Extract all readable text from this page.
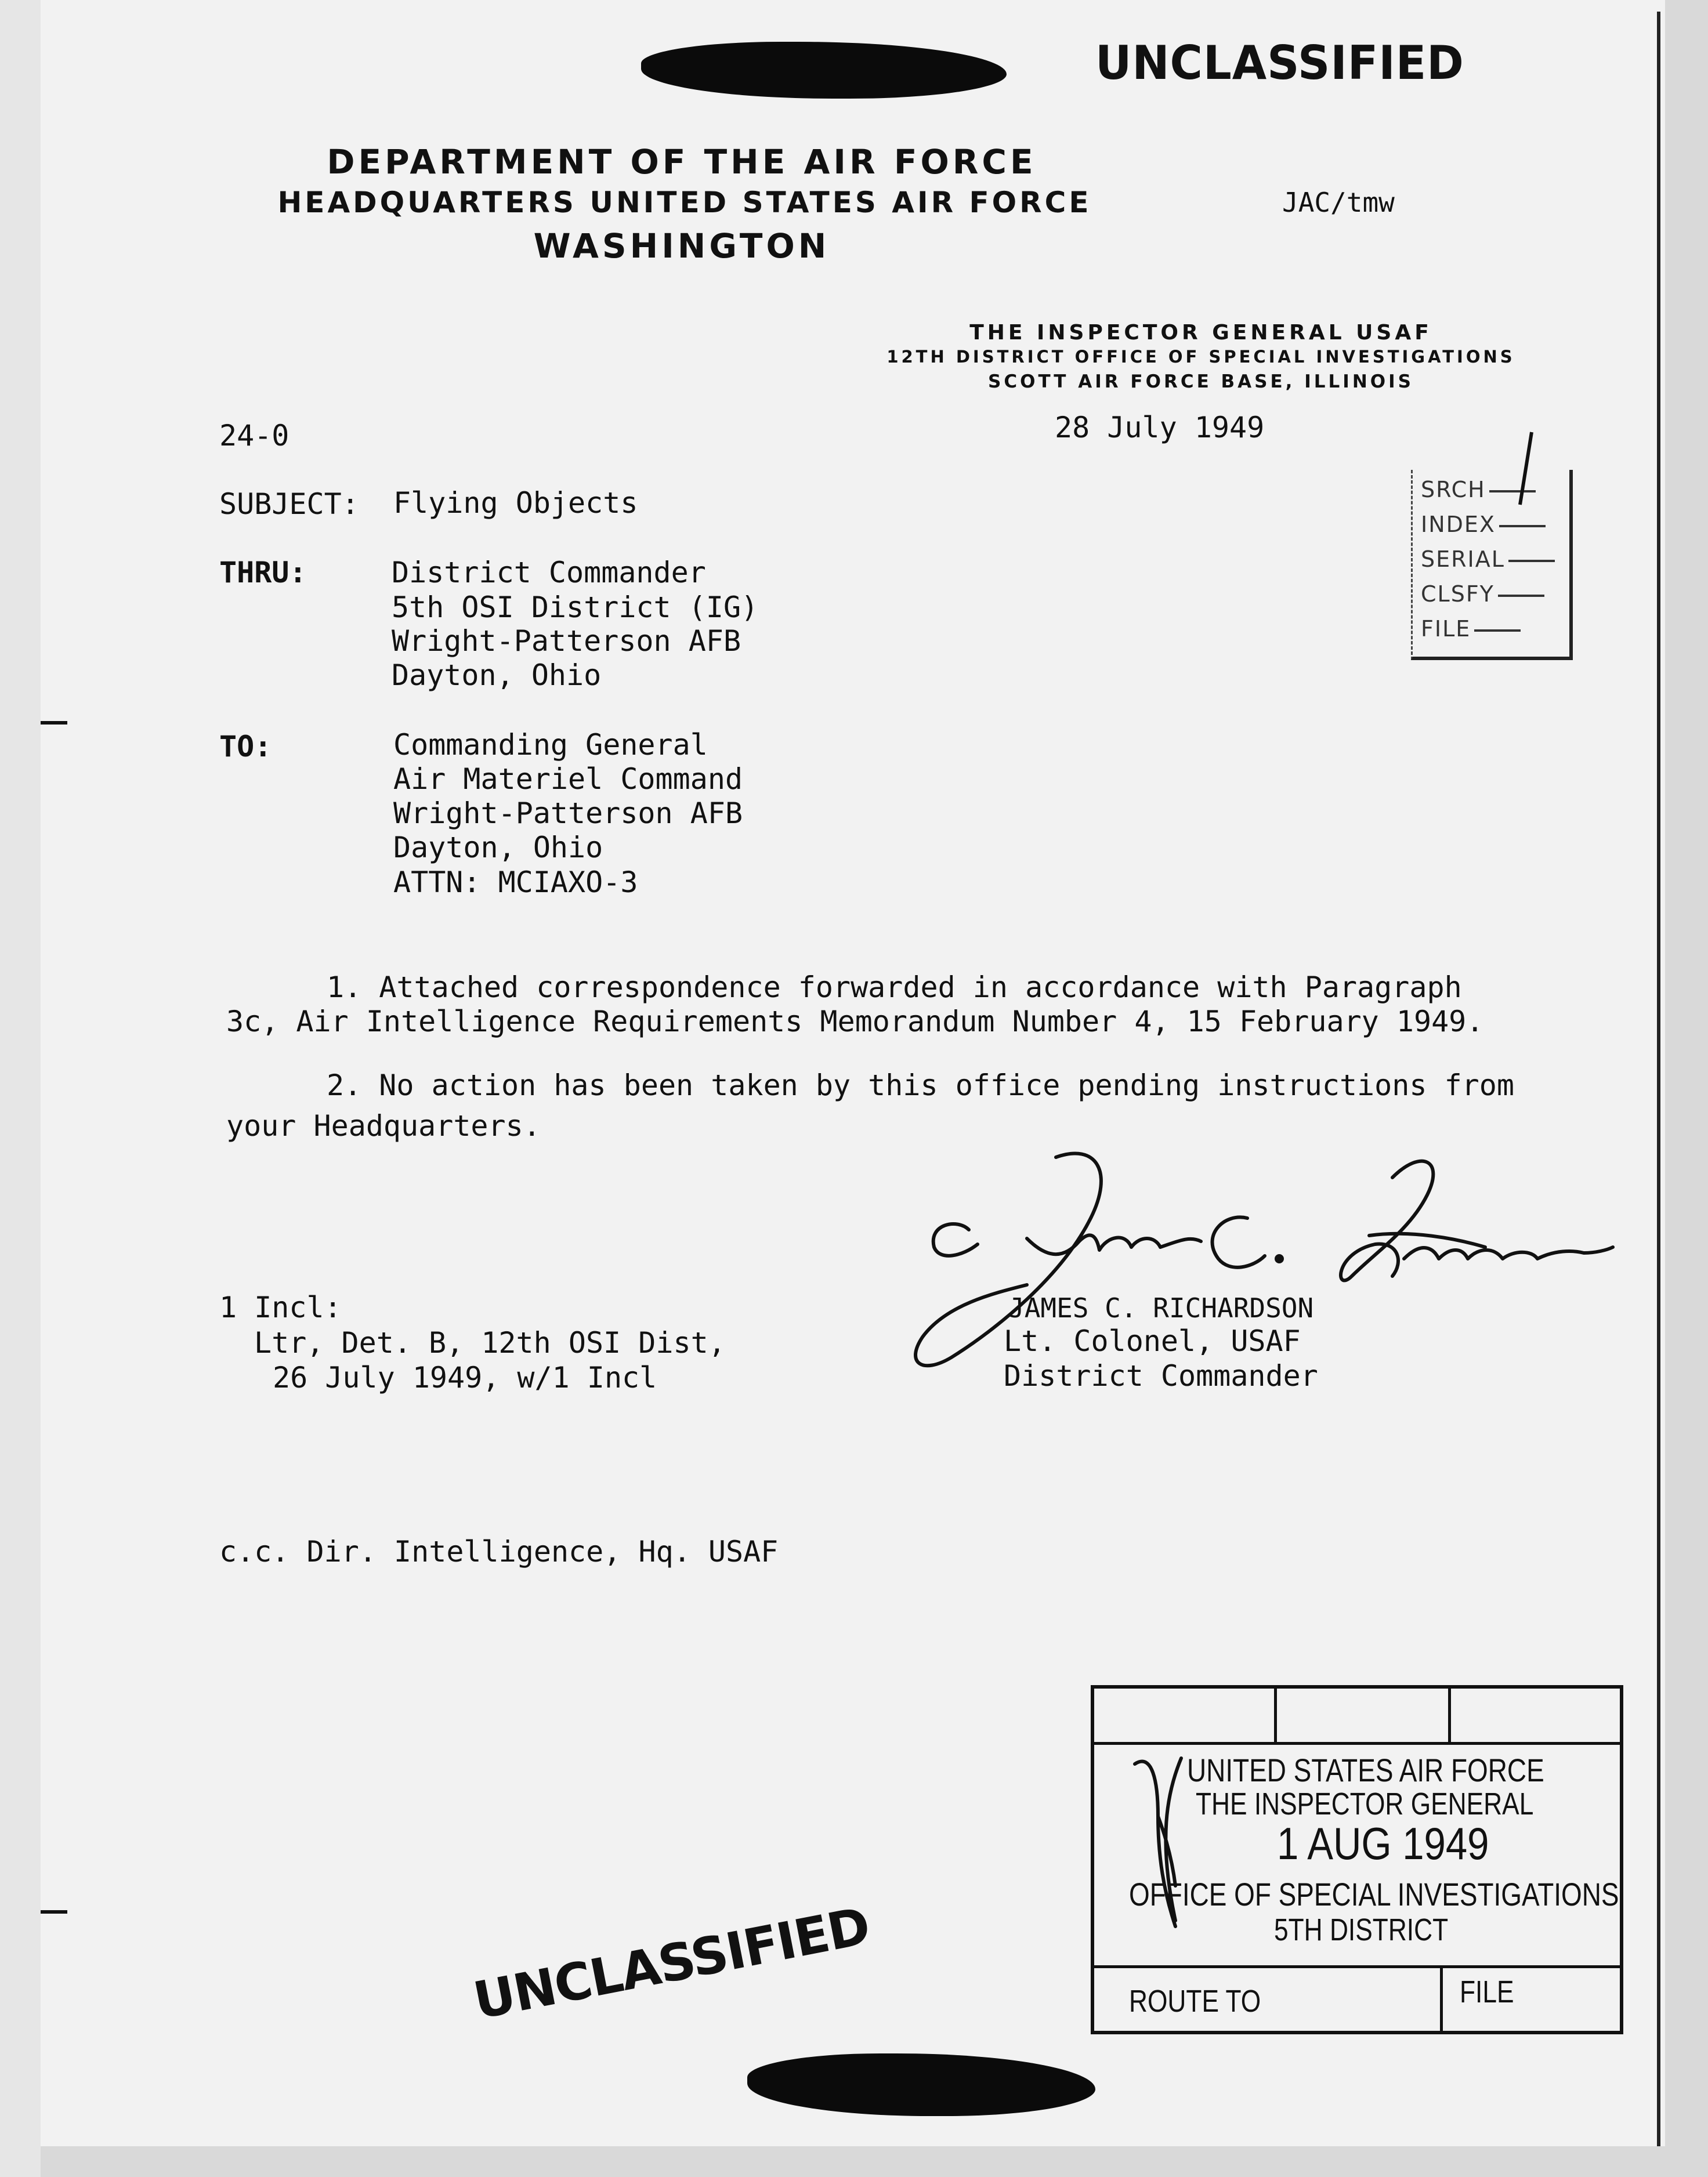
UNCLASSIFIED
DEPARTMENT OF THE AIR FORCE
HEADQUARTERS UNITED STATES AIR FORCE	JAC/tmw
WASHINGTON
THE INSPECTOR GENERAL USAF
12TH DISTRICT OFFICE OF SPECIAL INVESTIGATIONS
SCOTT AIR FORCE BASE, ILLINOIS
24-0	28 July 1949
SUBJECT: Flying Objects
THRU:	District Commander
5th OSI District (IG)
Wright-Patterson AFB
Dayton, Ohio
SRCH
INDEX
SERIAL
CLSFY
FILE
TO:	Commanding General
Air Materiel Command
Wright-Patterson AFB
Dayton, Ohio
ATTN: MCIAXO-3
1. Attached correspondence forwarded in accordance with Paragraph
3c, Air Intelligence Requirements Memorandum Number 4, 15 February 1949.
2. No action has been taken by this office pending instructions from
your Headquarters.
JAMES C. RICHARDSON
Lt. Colonel, USAF
District Commander
1 Incl:
Ltr, Det. B, 12th OSI Dist,
26 July 1949, w/1 Incl
c.c. Dir. Intelligence, Hq. USAF
UNITED STATES AIR FORCE
THE INSPECTOR GENERAL
1 AUG 1949
OFFICE OF SPECIAL INVESTIGATIONS
5TH DISTRICT
ROUTE TO	FILE
UNCLASSIFIED
